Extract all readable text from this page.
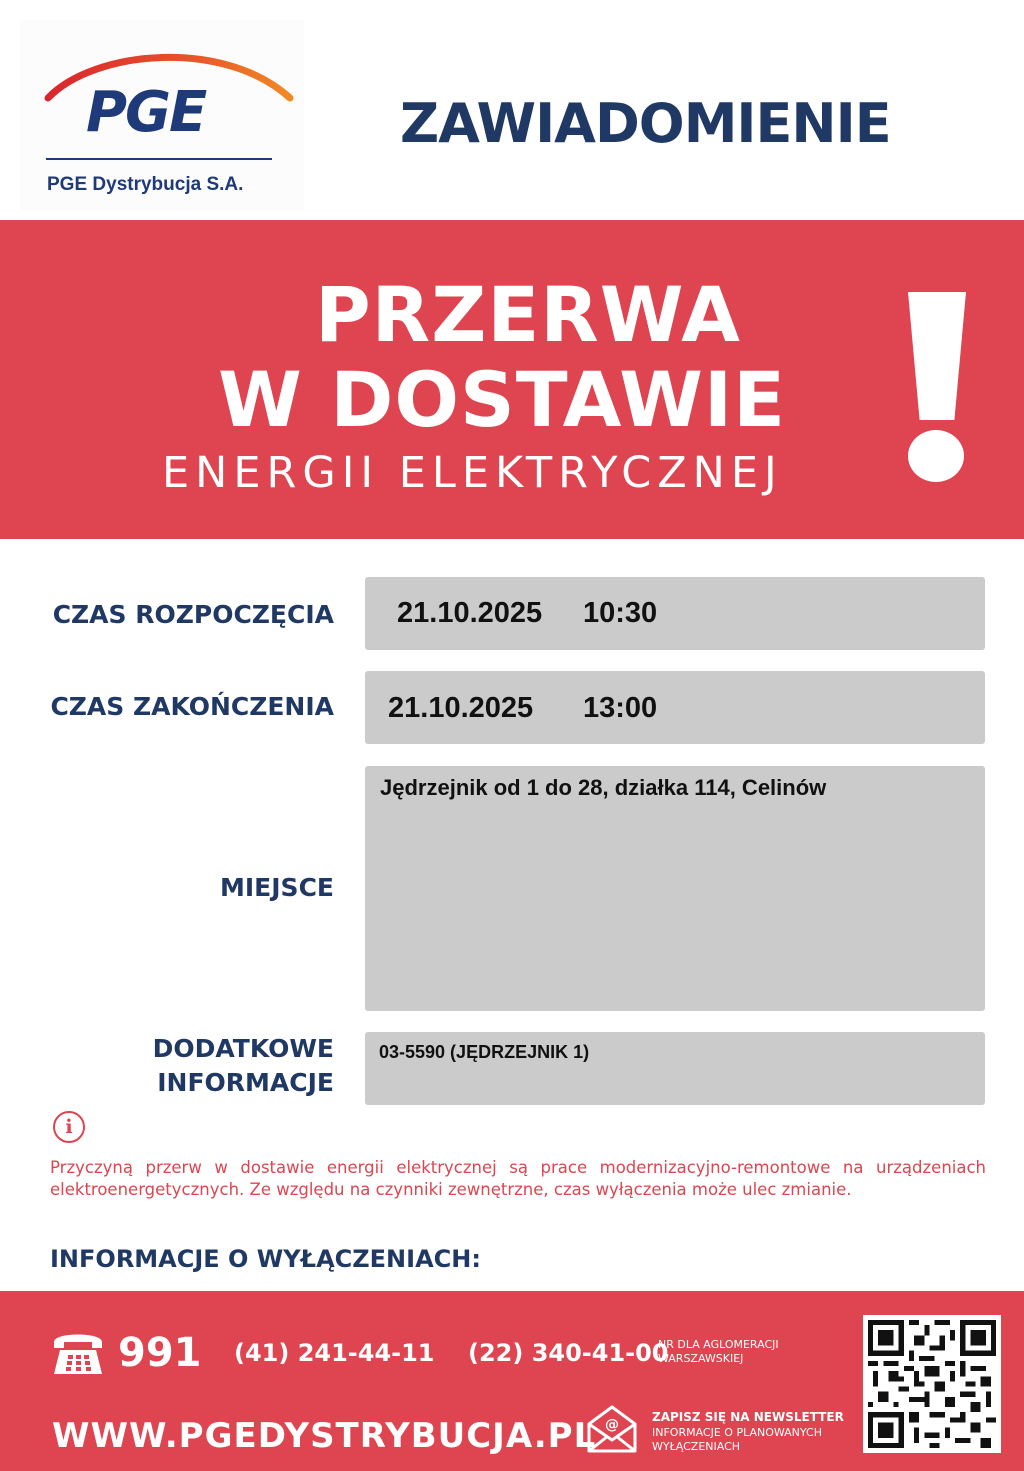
PGE
PGE Dystrybucja S.A.
ZAWIADOMIENIE
PRZERWA
W DOSTAWIE
ENERGII ELEKTRYCZNEJ
CZAS ROZPOCZĘCIA 21.10.2025 10:30
CZAS ZAKOŃCZENIA 21.10.2025 13:00
MIEJSCE
Jędrzejnik od 1 do 28, działka 114, Celinów
DODATKOWE
INFORMACJE
03-5590 (JĘDRZEJNIK 1)
i
Przyczyną przerw w dostawie energii elektrycznej są prace modernizacyjno-remontowe na urządzeniach elektroenergetycznych. Ze względu na czynniki zewnętrzne, czas wyłączenia może ulec zmianie.
INFORMACJE O WYŁĄCZENIACH:
991 (41) 241-44-11 (22) 340-41-00
NR DLA AGLOMERACJI WARSZAWSKIEJ
WWW.PGEDYSTRYBUCJA.PL @	ZAPISZ SIĘ NA NEWSLETTER
INFORMACJE O PLANOWANYCH WYŁĄCZENIACH
